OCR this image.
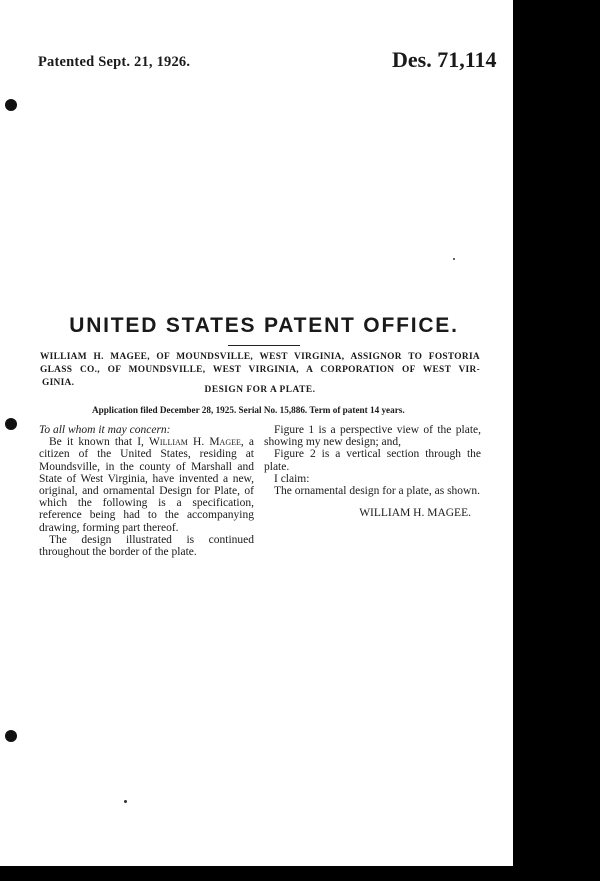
Patented Sept. 21, 1926.	Des. 71,114
UNITED STATES PATENT OFFICE.
WILLIAM H. MAGEE, OF MOUNDSVILLE, WEST VIRGINIA, ASSIGNOR TO FOSTORIA
GLASS CO., OF MOUNDSVILLE, WEST VIRGINIA, A CORPORATION OF WEST VIR-
GINIA.
DESIGN FOR A PLATE.
Application filed December 28, 1925. Serial No. 15,886. Term of patent 14 years.

To all whom it may concern:

Be it known that I, William H. Magee, a citizen of the United States, residing at Moundsville, in the county of Marshall and State of West Virginia, have invented a new, original, and ornamental Design for Plate, of which the following is a specification, reference being had to the accompanying drawing, forming part thereof.

The design illustrated is continued throughout the border of the plate.

Figure 1 is a perspective view of the plate, showing my new design; and,

Figure 2 is a vertical section through the plate.

I claim:

The ornamental design for a plate, as shown.

WILLIAM H. MAGEE.
